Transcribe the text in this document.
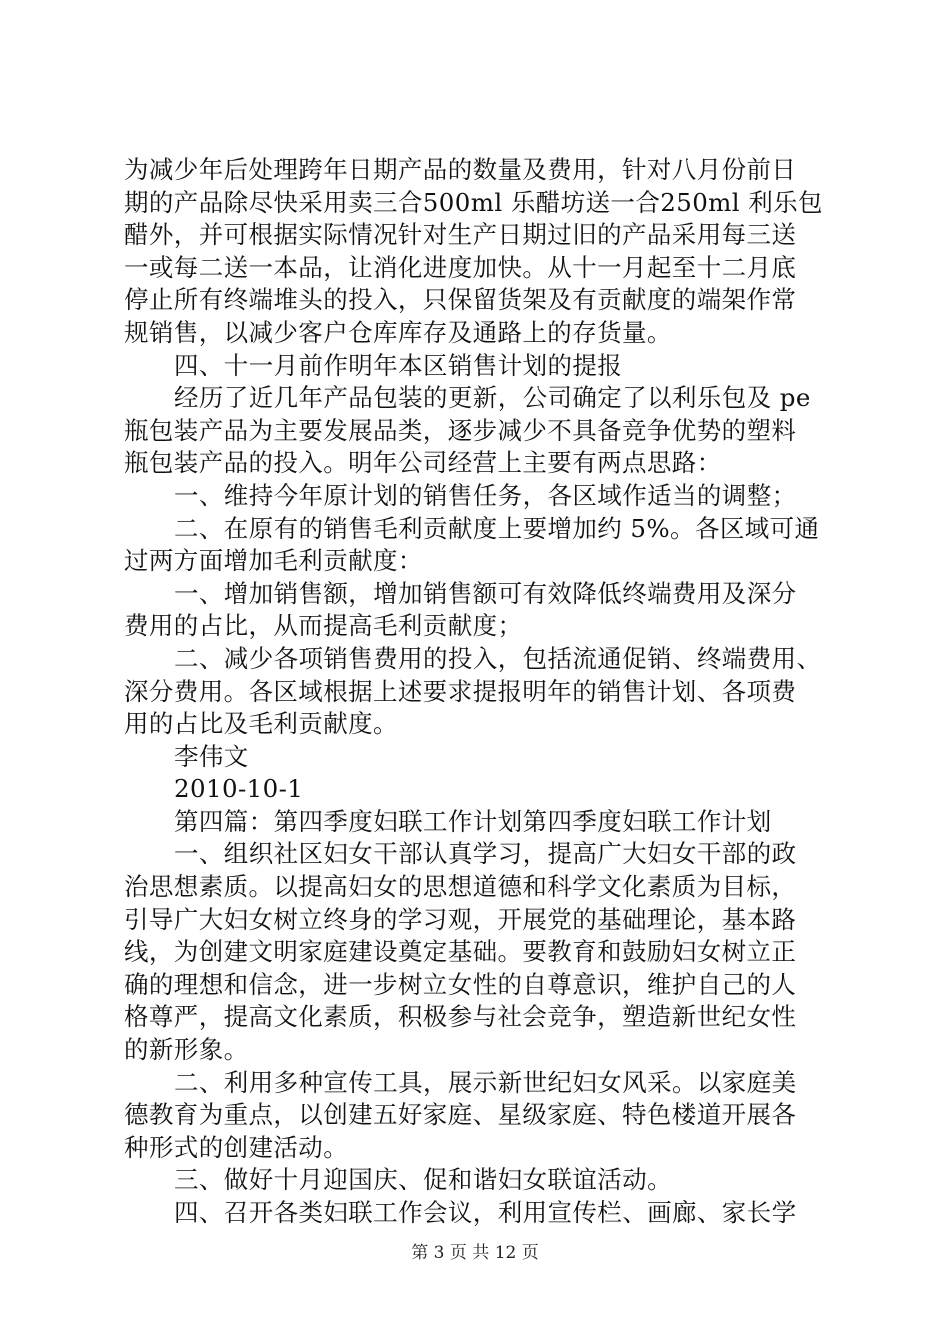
为减少年后处理跨年日期产品的数量及费用，针对八月份前日
期的产品除尽快采用卖三合500ml 乐醋坊送一合250ml 利乐包
醋外，并可根据实际情况针对生产日期过旧的产品采用每三送
一或每二送一本品，让消化进度加快。从十一月起至十二月底
停止所有终端堆头的投入，只保留货架及有贡献度的端架作常
规销售，以减少客户仓库库存及通路上的存货量。
四、十一月前作明年本区销售计划的提报
经历了近几年产品包装的更新，公司确定了以利乐包及 pe
瓶包装产品为主要发展品类，逐步减少不具备竞争优势的塑料
瓶包装产品的投入。明年公司经营上主要有两点思路：
一、维持今年原计划的销售任务，各区域作适当的调整；
二、在原有的销售毛利贡献度上要增加约 5%。各区域可通
过两方面增加毛利贡献度：
一、增加销售额，增加销售额可有效降低终端费用及深分
费用的占比，从而提高毛利贡献度；
二、减少各项销售费用的投入，包括流通促销、终端费用、
深分费用。各区域根据上述要求提报明年的销售计划、各项费
用的占比及毛利贡献度。
李伟文
2010-10-1
第四篇：第四季度妇联工作计划第四季度妇联工作计划
一、组织社区妇女干部认真学习，提高广大妇女干部的政
治思想素质。以提高妇女的思想道德和科学文化素质为目标，
引导广大妇女树立终身的学习观，开展党的基础理论，基本路
线，为创建文明家庭建设奠定基础。要教育和鼓励妇女树立正
确的理想和信念，进一步树立女性的自尊意识，维护自己的人
格尊严，提高文化素质，积极参与社会竞争，塑造新世纪女性
的新形象。
二、利用多种宣传工具，展示新世纪妇女风采。以家庭美
德教育为重点，以创建五好家庭、星级家庭、特色楼道开展各
种形式的创建活动。
三、做好十月迎国庆、促和谐妇女联谊活动。
四、召开各类妇联工作会议，利用宣传栏、画廊、家长学
第 3 页 共 12 页
